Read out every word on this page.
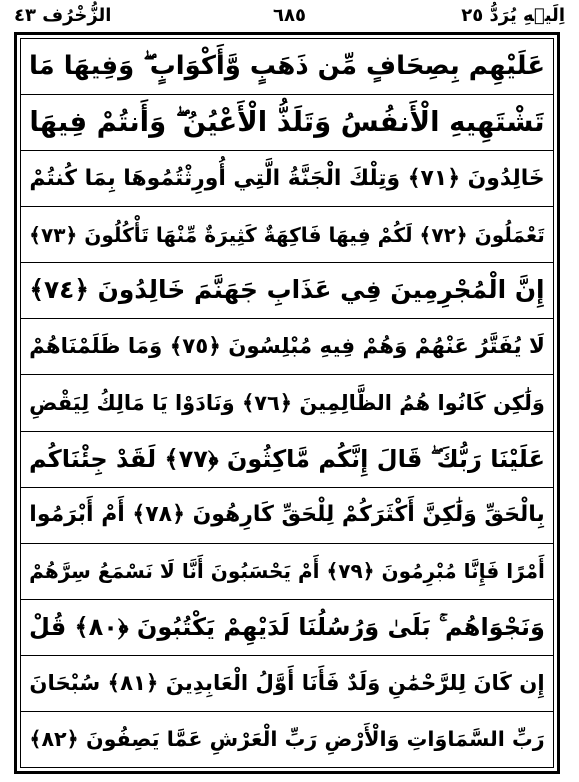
اِلَيۡهِ يُرَدُّ ٢٥
٦٨٥
الزُّخْرُف ٤٣
عَلَيْهِم بِصِحَافٍ مِّن ذَهَبٍ وَّأَكْوَابٍ ۖ وَفِيهَا مَا
تَشْتَهِيهِ الْأَنفُسُ وَتَلَذُّ الْأَعْيُنُ ۖ وَأَنتُمْ فِيهَا
خَالِدُونَ ﴿٧١﴾ وَتِلْكَ الْجَنَّةُ الَّتِي أُورِثْتُمُوهَا بِمَا كُنتُمْ
تَعْمَلُونَ ﴿٧٢﴾ لَكُمْ فِيهَا فَاكِهَةٌ كَثِيرَةٌ مِّنْهَا تَأْكُلُونَ ﴿٧٣﴾
إِنَّ الْمُجْرِمِينَ فِي عَذَابِ جَهَنَّمَ خَالِدُونَ ﴿٧٤﴾
لَا يُفَتَّرُ عَنْهُمْ وَهُمْ فِيهِ مُبْلِسُونَ ﴿٧٥﴾ وَمَا ظَلَمْنَاهُمْ
وَلَٰكِن كَانُوا هُمُ الظَّالِمِينَ ﴿٧٦﴾ وَنَادَوْا يَا مَالِكُ لِيَقْضِ
عَلَيْنَا رَبُّكَ ۖ قَالَ إِنَّكُم مَّاكِثُونَ ﴿٧٧﴾ لَقَدْ جِئْنَاكُم
بِالْحَقِّ وَلَٰكِنَّ أَكْثَرَكُمْ لِلْحَقِّ كَارِهُونَ ﴿٧٨﴾ أَمْ أَبْرَمُوا
أَمْرًا فَإِنَّا مُبْرِمُونَ ﴿٧٩﴾ أَمْ يَحْسَبُونَ أَنَّا لَا نَسْمَعُ سِرَّهُمْ
وَنَجْوَاهُم ۚ بَلَىٰ وَرُسُلُنَا لَدَيْهِمْ يَكْتُبُونَ ﴿٨٠﴾ قُلْ
إِن كَانَ لِلرَّحْمَٰنِ وَلَدٌ فَأَنَا أَوَّلُ الْعَابِدِينَ ﴿٨١﴾ سُبْحَانَ
رَبِّ السَّمَاوَاتِ وَالْأَرْضِ رَبِّ الْعَرْشِ عَمَّا يَصِفُونَ ﴿٨٢﴾
